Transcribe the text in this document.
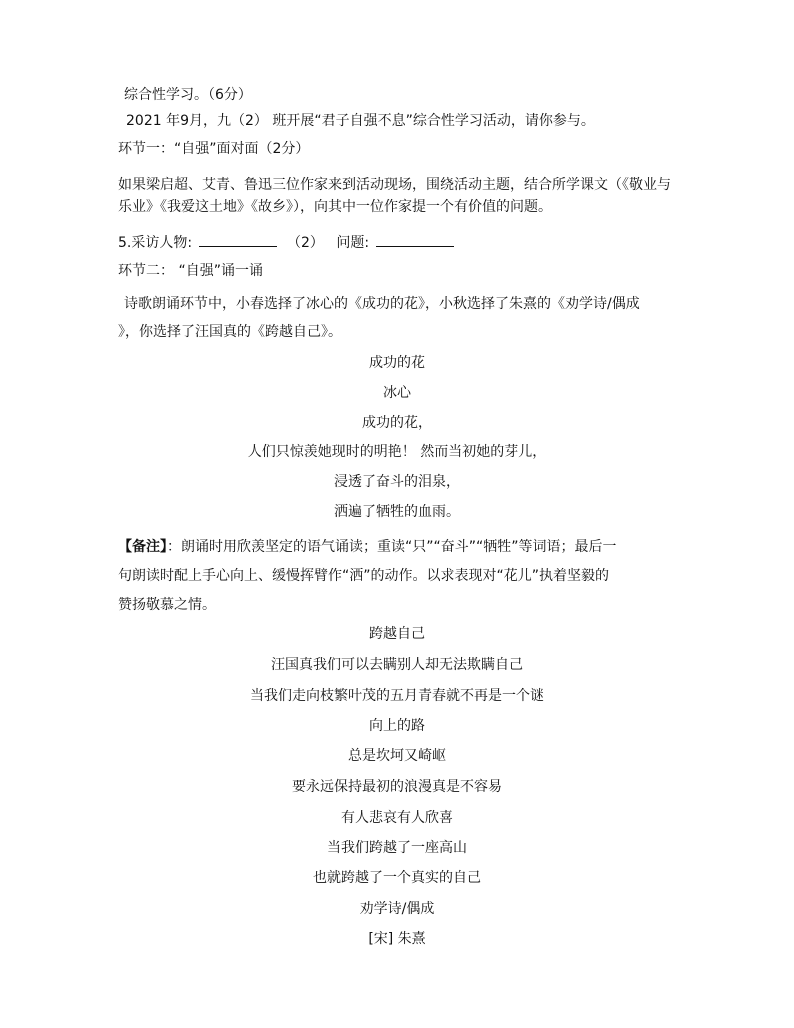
综合性学习。（6分）
2021 年9月，九（2） 班开展“君子自强不息”综合性学习活动，请你参与。
环节一：“自强”面对面（2分）
如果梁启超、艾青、鲁迅三位作家来到活动现场，围绕活动主题，结合所学课文（《敬业与
乐业》《我爱这土地》《故乡》），向其中一位作家提一个有价值的问题。
5.采访人物:	（2） 问题:
环节二： “自强”诵一诵
诗歌朗诵环节中，小春选择了冰心的《成功的花》，小秋选择了朱熹的《劝学诗/偶成
》，你选择了汪国真的《跨越自己》。
成功的花
冰心
成功的花，
人们只惊羡她现时的明艳！ 然而当初她的芽儿，
浸透了奋斗的泪泉，
洒遍了牺牲的血雨。
【备注】：朗诵时用欣羡坚定的语气诵读；重读“只”“奋斗”“牺牲”等词语；最后一
句朗读时配上手心向上、缓慢挥臂作“洒”的动作。以求表现对“花儿”执着坚毅的
赞扬敬慕之情。
跨越自己
汪国真我们可以去瞒别人却无法欺瞒自己
当我们走向枝繁叶茂的五月青春就不再是一个谜
向上的路
总是坎坷又崎岖
要永远保持最初的浪漫真是不容易
有人悲哀有人欣喜
当我们跨越了一座高山
也就跨越了一个真实的自己
劝学诗/偶成
[宋] 朱熹
